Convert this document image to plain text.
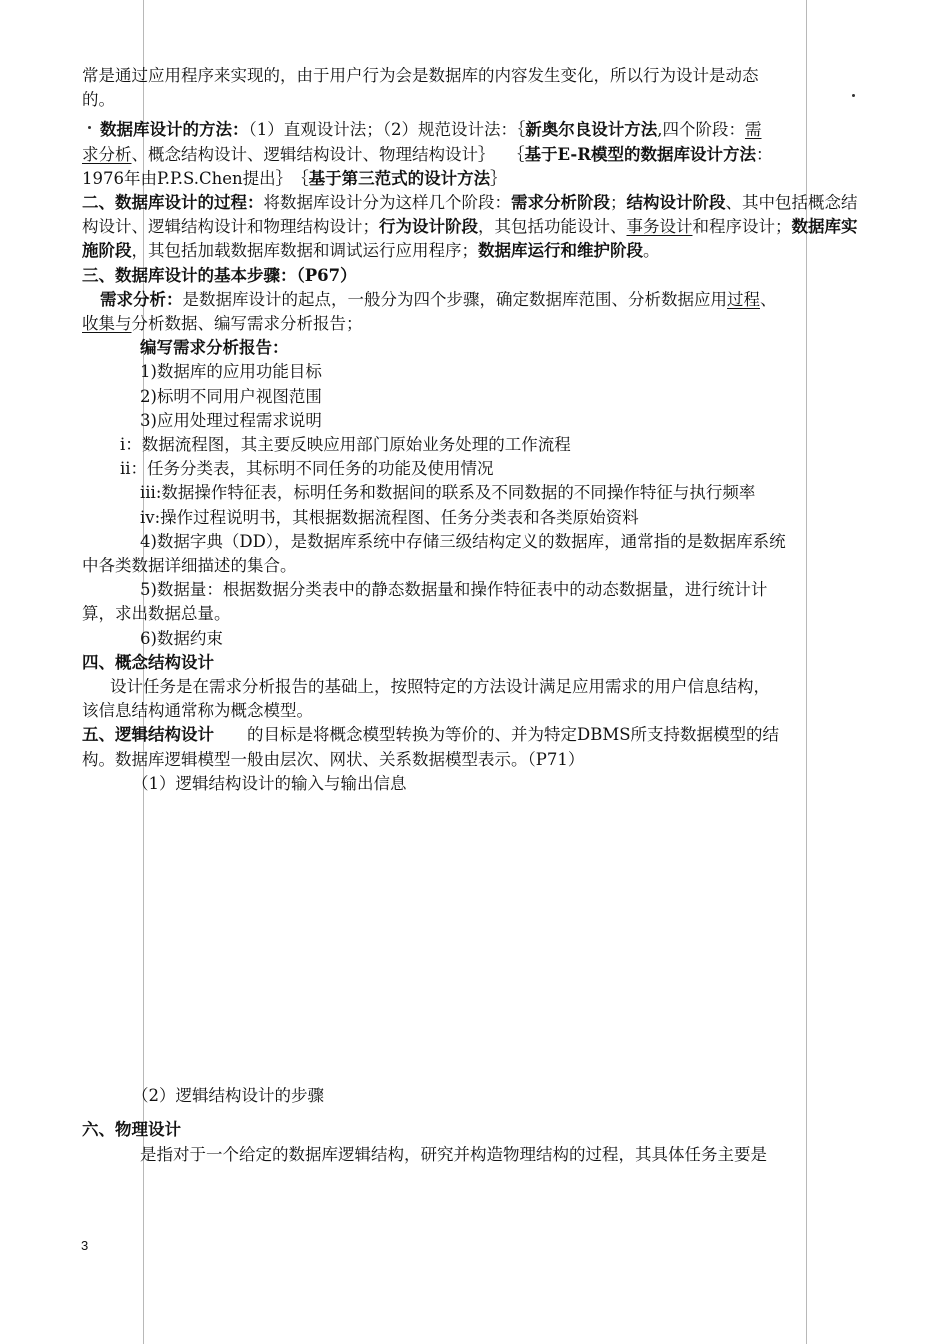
常是通过应用程序来实现的，由于用户行为会是数据库的内容发生变化，所以行为设计是动态

的。

数据库设计的方法：（1）直观设计法；（2）规范设计法：｛新奥尔良设计方法,四个阶段：需
求分析、概念结构设计、逻辑结构设计、物理结构设计｝　 ｛基于E-R模型的数据库设计方法：
1976年由P.P.S.Chen提出｝　｛基于第三范式的设计方法｝

二、数据库设计的过程：将数据库设计分为这样几个阶段：需求分析阶段；结构设计阶段、其中包括概念结构设计、逻辑结构设计和物理结构设计；行为设计阶段，其包括功能设计、事务设计和程序设计；数据库实施阶段，其包括加载数据库数据和调试运行应用程序；数据库运行和维护阶段。

三、数据库设计的基本步骤：（P67）

需求分析：是数据库设计的起点，一般分为四个步骤，确定数据库范围、分析数据应用过程、
收集与分析数据、编写需求分析报告；

编写需求分析报告：

1)数据库的应用功能目标

2)标明不同用户视图范围

3)应用处理过程需求说明

i：数据流程图，其主要反映应用部门原始业务处理的工作流程

ii：任务分类表，其标明不同任务的功能及使用情况

iii:数据操作特征表，标明任务和数据间的联系及不同数据的不同操作特征与执行频率

iv:操作过程说明书，其根据数据流程图、任务分类表和各类原始资料

4)数据字典（DD），是数据库系统中存储三级结构定义的数据库，通常指的是数据库系统
中各类数据详细描述的集合。

5)数据量：根据数据分类表中的静态数据量和操作特征表中的动态数据量，进行统计计
算，求出数据总量。

6)数据约束

四、概念结构设计

设计任务是在需求分析报告的基础上，按照特定的方法设计满足应用需求的用户信息结构，
该信息结构通常称为概念模型。

五、逻辑结构设计　　的目标是将概念模型转换为等价的、并为特定DBMS所支持数据模型的结
构。数据库逻辑模型一般由层次、网状、关系数据模型表示。（P71）

（1）逻辑结构设计的输入与输出信息

（2）逻辑结构设计的步骤

六、物理设计

是指对于一个给定的数据库逻辑结构，研究并构造物理结构的过程，其具体任务主要是

3
